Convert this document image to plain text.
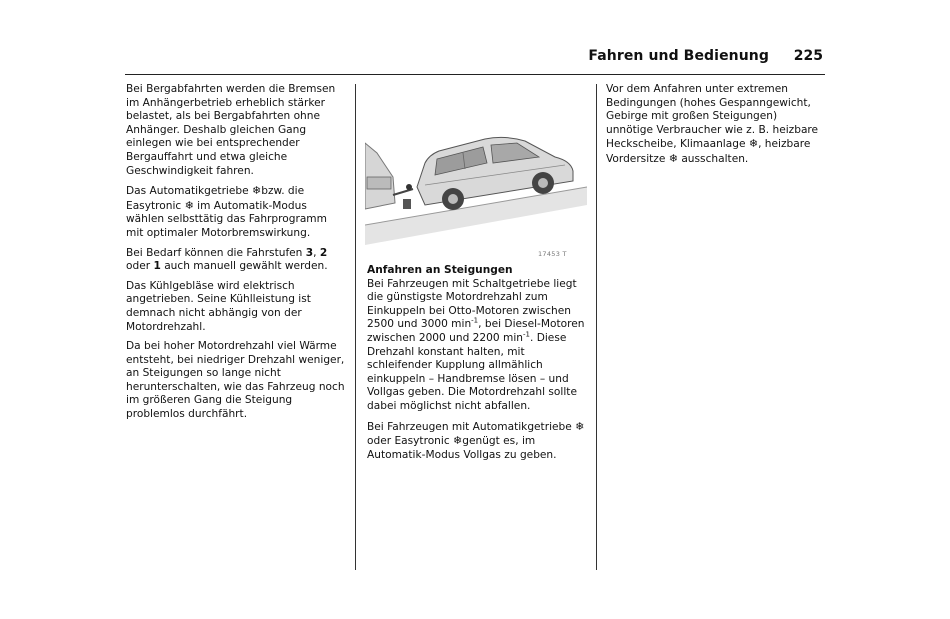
Fahren und Bedienung 225

Bei Bergabfahrten werden die Bremsen im Anhängerbetrieb erheblich stärker belastet, als bei Bergabfahrten ohne Anhänger. Deshalb gleichen Gang einlegen wie bei entsprechender Bergauffahrt und etwa gleiche Geschwindigkeit fahren.

Das Automatikgetriebe ❄bzw. die Easytronic ❄ im Automatik-Modus wählen selbsttätig das Fahrprogramm mit optimaler Motorbremswirkung.

Bei Bedarf können die Fahrstufen 3, 2 oder 1 auch manuell gewählt werden.

Das Kühlgebläse wird elektrisch angetrieben. Seine Kühlleistung ist demnach nicht abhängig von der Motordrehzahl.

Da bei hoher Motordrehzahl viel Wärme entsteht, bei niedriger Drehzahl weniger, an Steigungen so lange nicht herunterschalten, wie das Fahrzeug noch im größeren Gang die Steigung problemlos durchfährt.

17453 T

Anfahren an Steigungen
Bei Fahrzeugen mit Schaltgetriebe liegt die günstigste Motordrehzahl zum Einkuppeln bei Otto-Motoren zwischen 2500 und 3000 $\min^{-1}$, bei Diesel-Motoren zwischen 2000 und 2200 $\min^{-1}$. Diese Drehzahl konstant halten, mit schleifender Kupplung allmählich einkuppeln – Handbremse lösen – und Vollgas geben. Die Motordrehzahl sollte dabei möglichst nicht abfallen.

Bei Fahrzeugen mit Automatikgetriebe ❄ oder Easytronic ❄genügt es, im Automatik-Modus Vollgas zu geben.

Vor dem Anfahren unter extremen Bedingungen (hohes Gespanngewicht, Gebirge mit großen Steigungen) unnötige Verbraucher wie z. B. heizbare Heckscheibe, Klimaanlage ❄, heizbare Vordersitze ❄ ausschalten.
